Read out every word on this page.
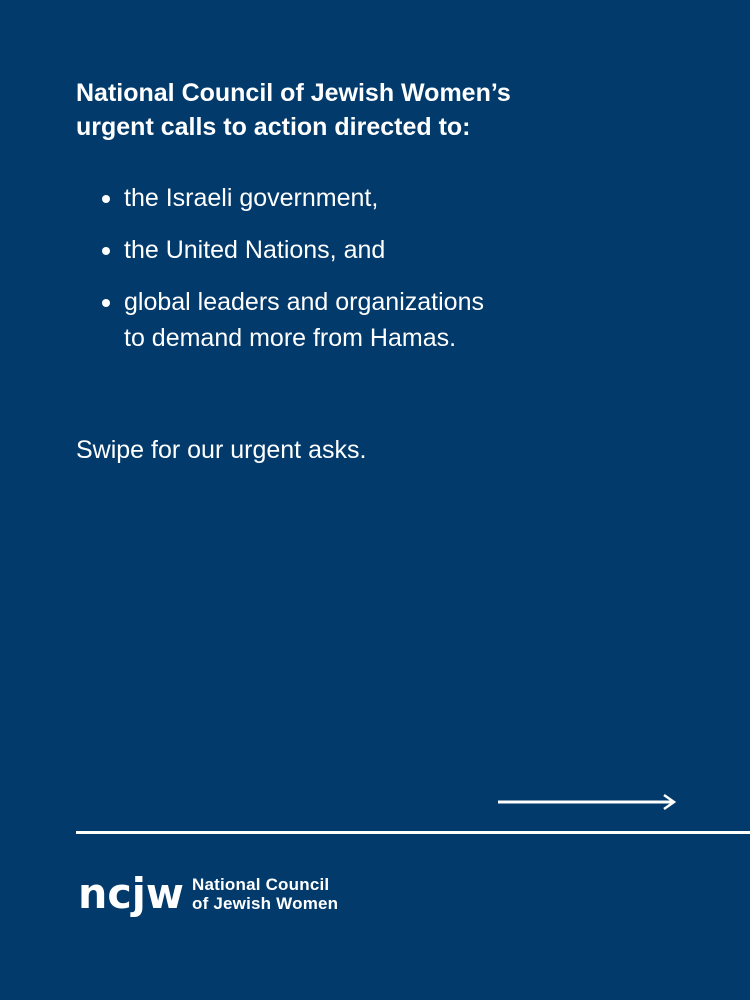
National Council of Jewish Women’s
urgent calls to action directed to:
the Israeli government,
the United Nations, and
global leaders and organizations
to demand more from Hamas.

Swipe for our urgent asks.

ncjw National Council
of Jewish Women
